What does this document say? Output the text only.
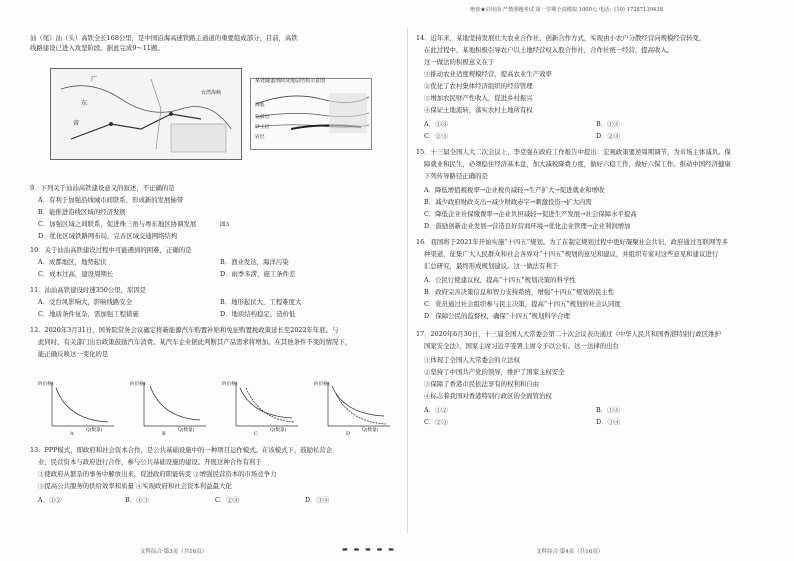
绝密★启用前 严禁泄题考试 第一学期全真模拟 1000元 电话：(10) 17287139438
汕（尾）汕（头）高铁全长168公里，是中国沿海高速铁路主通道的重要组成部分，目前，高铁
线路建设已进入攻坚阶段。据此完成9～11题。
广
东
省
台湾海峡
某处隧道剖面及地层结构示意图
海底
软弱层
砂土层
岩层
图3
9．下列关于汕汕高铁建设意义的叙述，不正确的是
A．有利于加强沿线城市间联系，形成新的发展轴带
B．能推进沿线区域的经济发展
C．加强区域之间联系，促进珠三角与粤东地区协调发展
D．优化区域铁路网布局，完善区域交通网络结构
10．关于汕汕高铁建设过程中可能遇到的困难，正确的是
A．成都地区，地势起伏	B．渔业发达，海洋污染
C．成本过高，建设周期长	D．雨季多涝，施工条件差
11．汕汕高铁建设时速350公里，原因是
A．受台风影响大，影响线路安全	B．地形起伏大，工程难度大
C．地质条件复杂，需加强工程措施	D．地质结构稳定，造价低
12．2020年3月31日，国务院常务会议确定将新能源汽车购置补贴和免征购置税政策延长至2022年年底。与
此同时，有关部门出台政策鼓励汽车消费。某汽车企业据此判断其产品需求将增加。在其他条件不变的情况下，
能正确反映这一变化的是
P(价格)
Q(数量)
A
P(价格)
Q(数量)
B
P(价格)
Q(数量)
C
P(价格)
Q(数量)
D
13．PPP模式，即政府和社会资本合作，是公共基础设施中的一种项目运作模式。在该模式下，鼓励私营企
业、民营资本与政府进行合作，参与公共基础设施的建设。开展这种合作有利于
①使政府从繁杂的事务中解放出来，促进政府职能转变 ②增强民营资本的市场竞争力
③提高公共服务的供给效率和质量 ④实现政府和社会资本利益最大化
A．①②	B．①③	C．②④	D．③④
文科综合·第3页（共16页）	▬ ▬ ▬ ▬ ▬
14．近年来，某地坚持发展壮大农业合作社，创新合作方式，实现由小农户分散经营向规模经营转变，
在此过程中，某地积极引导农户以土地经营权入股合作社，合作社统一经营，提高收入。
这一做法的积极意义在于
①推动农业适度规模经营，提高农业生产效率
②优化了农村集体经济组织的经营管理
③增加农民财产性收入，促进乡村振兴
④保证土地流转，落实农村土地所有权
A．①③	B．①④
C．②③	D．②④
15．十三届全国人大二次会议上，李克强在政府工作报告中提出：宏观政策要逆周期调节，为市场主体减负。保
障就业和民生，必须稳住经济基本盘，加大减税降费力度，做好六稳工作，做好六保工作。推动中国经济健康
下列传导路径正确的是
A．降低增值税税率→企业税负减轻→生产扩大→促进就业和增收
B．减少政府财政支出→减少财政赤字→刺激投资→扩大内需
C．降低企业社保缴费率→企业负担减轻→促进生产发展→社会保障水平提高
D．鼓励创新企业发展→营造良好营商环境→优化企业管理→企业利润增加
16．我国将于2021年开始实施“十四五”规划。为了在制定规划过程中更好凝聚社会共识，政府通过互联网等多
种渠道，征集广大人民群众和社会各界对“十四五”规划的意见和建议，并组织专家对这些意见和建议进行
汇总研究，最终形成规划建议。这一做法有利于
A．公民行使建议权，提高“十四五”规划决策的科学性
B．政府完善决策信息和智力支持系统，增强“十四五”规划的民主性
C．党员通过社会组织参与民主决策，提高“十四五”规划的社会认同度
D．保障公民的监督权，确保“十四五”规划科学合理
17．2020年6月30日，十三届全国人大常委会第二十次会议表决通过《中华人民共和国香港特别行政区维护
国家安全法》，国家主席习近平签署主席令予以公布。这一法律的出台
①体现了全国人大常委会的立法权
②坚持了中国共产党的领导，维护了国家主权安全
③保障了香港市民依法享有的权利和自由
④标志着我国对香港特别行政区的全面管治权
A．①②	B．①④
C．②③	D．③④
文科综合·第4页（共16页）
